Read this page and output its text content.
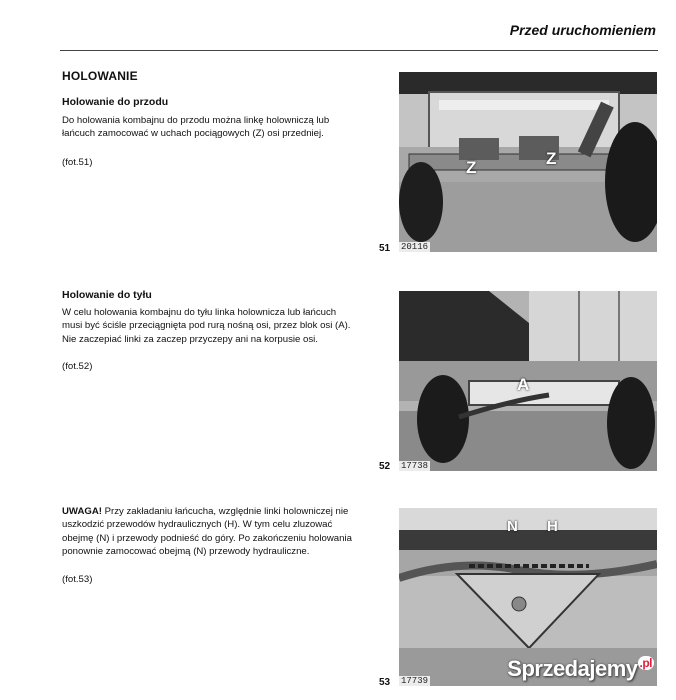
Przed uruchomieniem
HOLOWANIE
Holowanie do przodu

Do holowania kombajnu do przodu można linkę holowniczą lub łańcuch zamocować w uchach pociągowych (Z) osi przedniej.

(fot.51)
Holowanie do tyłu

W celu holowania kombajnu do tyłu linka holownicza lub łańcuch musi być ściśle przeciągnięta pod rurą nośną osi, przez blok osi (A). Nie zaczepiać linki za zaczep przyczepy ani na korpusie osi.

(fot.52)

UWAGA! Przy zakładaniu łańcucha, względnie linki holowniczej nie uszkodzić przewodów hydraulicznych (H). W tym celu zluzować obejmę (N) i przewody podnieść do góry. Po zakończeniu holowania ponownie zamocować obejmą (N) przewody hydrauliczne.

(fot.53)
Z	Z
20116
51
A
17738
52
N H
17739
53
Sprzedajemy $^{.pl}$
